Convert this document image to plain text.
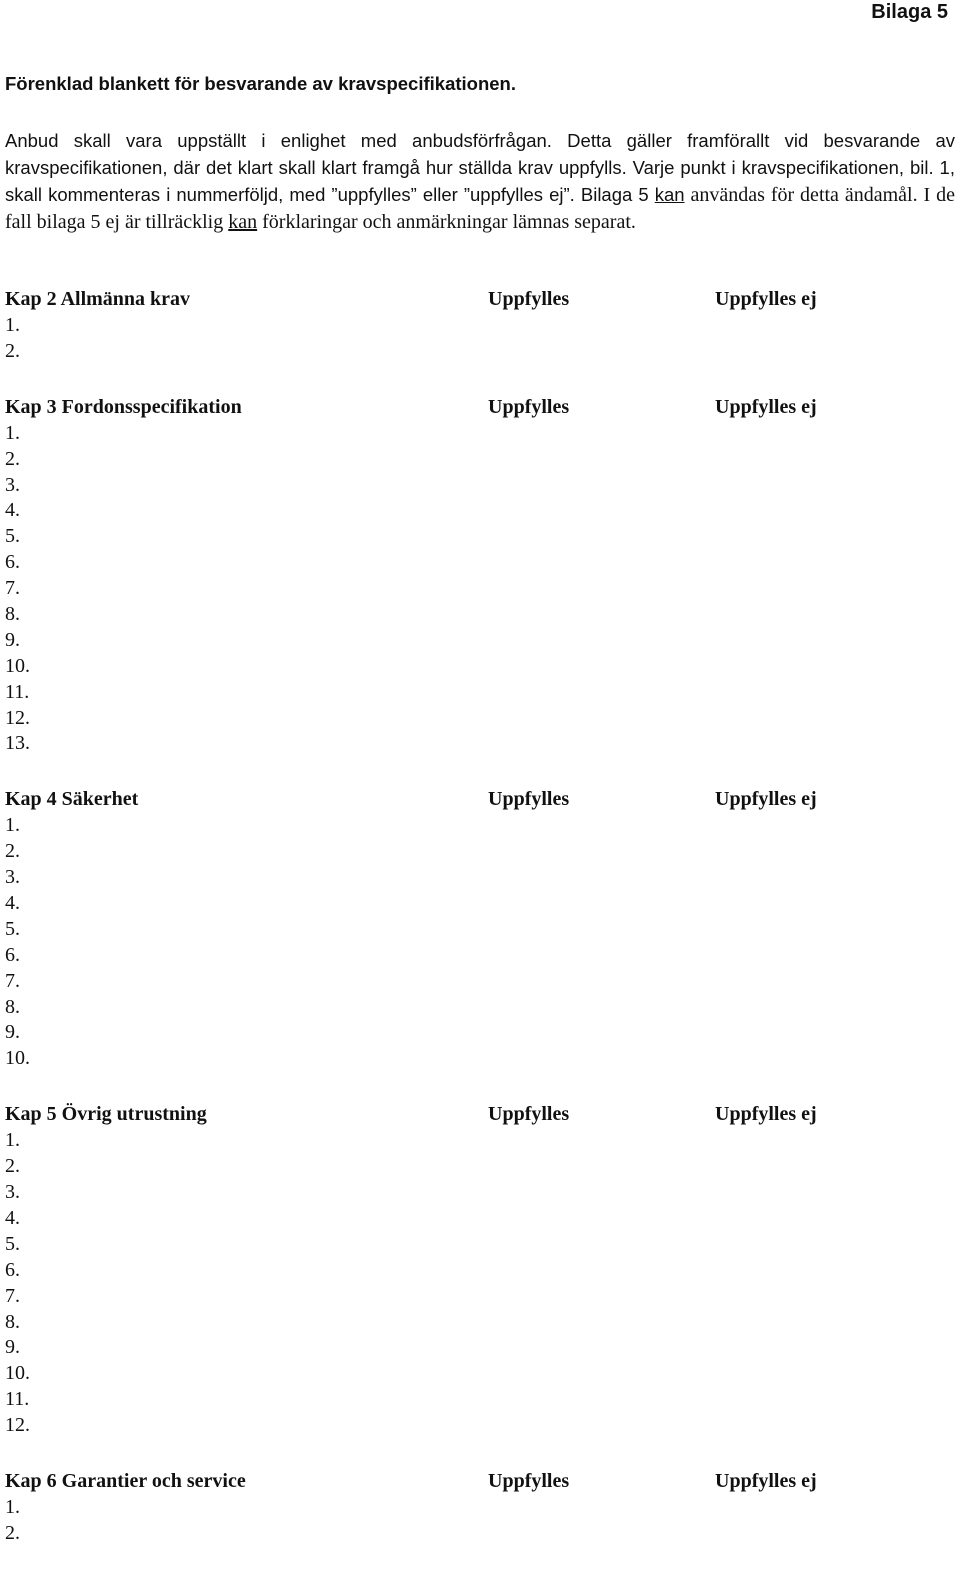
Bilaga 5
Förenklad blankett för besvarande av kravspecifikationen.

Anbud skall vara uppställt i enlighet med anbudsförfrågan. Detta gäller framförallt vid besvarande av kravspecifikationen, där det klart skall klart framgå hur ställda krav uppfylls. Varje punkt i kravspecifikationen, bil. 1, skall kommenteras i nummerföljd, med ”uppfylles” eller ”uppfylles ej”. Bilaga 5 kan användas för detta ändamål. I de fall bilaga 5 ej är tillräcklig kan förklaringar och anmärkningar lämnas separat.

Kap 2 Allmänna krav	Uppfylles	Uppfylles ej
1.
2.
Kap 3 Fordonsspecifikation	Uppfylles	Uppfylles ej
1.
2.
3.
4.
5.
6.
7.
8.
9.
10.
11.
12.
13.
Kap 4 Säkerhet	Uppfylles	Uppfylles ej
1.
2.
3.
4.
5.
6.
7.
8.
9.
10.
Kap 5 Övrig utrustning	Uppfylles	Uppfylles ej
1.
2.
3.
4.
5.
6.
7.
8.
9.
10.
11.
12.
Kap 6 Garantier och service	Uppfylles	Uppfylles ej
1.
2.
